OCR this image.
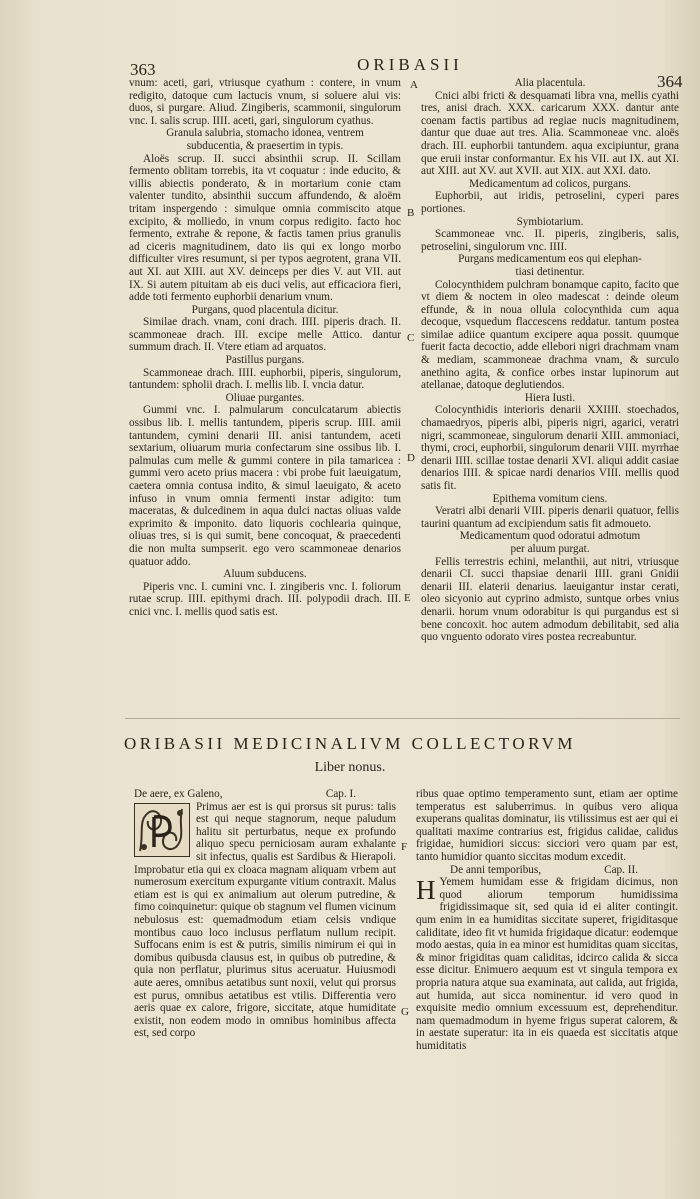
363	ORIBASII
364

vnum: aceti, gari, vtriusque cyathum : contere, in vnum redigito, datoque cum lactucis vnum, si soluere alui vis: duos, si purgare. Aliud. Zingiberis, scammonii, singulorum vnc. I. salis scrup. IIII. aceti, gari, singulorum cyathus.

Granula salubria, stomacho idonea, ventrem

subducentia, & praesertim in typis.

Aloës scrup. II. succi absinthii scrup. II. Scillam fermento oblitam torrebis, ita vt coquatur : inde educito, & villis abiectis ponderato, & in mortarium conie ctam valenter tundito, absinthii succum affundendo, & aloëm tritam inspergendo : simulque omnia commiscito atque excipito, & molliedo, in vnum corpus redigito. facto hoc fermento, extrahe & repone, & factis tamen prius granulis ad ciceris magnitudinem, dato iis qui ex longo morbo difficulter vires resumunt, si per typos aegrotent, grana VII. aut XI. aut XIII. aut XV. deinceps per dies V. aut VII. aut IX. Si autem pituitam ab eis duci velis, aut efficaciora fieri, adde toti fermento euphorbii denarium vnum.

Purgans, quod placentula dicitur.

Similae drach. vnam, coni drach. IIII. piperis drach. II. scammoneae drach. III. excipe melle Attico. dantur summum drach. II. Vtere etiam ad arquatos.

Pastillus purgans.

Scammoneae drach. IIII. euphorbii, piperis, singulorum, tantundem: spholii drach. I. mellis lib. I. vncia datur.

Oliuae purgantes.

Gummi vnc. I. palmularum conculcatarum abiectis ossibus lib. I. mellis tantundem, piperis scrup. IIII. amii tantundem, cymini denarii III. anisi tantundem, aceti sextarium, oliuarum muria confectarum sine ossibus lib. I. palmulas cum melle & gummi contere in pila tamaricea : gummi vero aceto prius macera : vbi probe fuit laeuigatum, caetera omnia contusa indito, & simul laeuigato, & aceto infuso in vnum omnia fermenti instar adigito: tum maceratas, & dulcedinem in aqua dulci nactas oliuas valde exprimito & imponito. dato liquoris cochlearia quinque, oliuas tres, si is qui sumit, bene concoquat, & praecedenti die non multa sumpserit. ego vero scammoneae denarios quatuor addo.

Aluum subducens.

Piperis vnc. I. cumini vnc. I. zingiberis vnc. I. foliorum rutae scrup. IIII. epithymi drach. III. polypodii drach. III. cnici vnc. I. mellis quod satis est.

A
B
C
D
E
F
G

Alia placentula.

Cnici albi fricti & desquamati libra vna, mellis cyathi tres, anisi drach. XXX. caricarum XXX. dantur ante coenam factis partibus ad regiae nucis magnitudinem, dantur que duae aut tres. Alia. Scammoneae vnc. aloës drach. III. euphorbii tantundem. aqua excipiuntur, grana que eruii instar conformantur. Ex his VII. aut IX. aut XI. aut XIII. aut XV. aut XVII. aut XIX. aut XXI. dato.

Medicamentum ad colicos, purgans.

Euphorbii, aut iridis, petroselini, cyperi pares portiones.

Symbiotarium.

Scammoneae vnc. II. piperis, zingiberis, salis, petroselini, singulorum vnc. IIII.

Purgans medicamentum eos qui elephan-

tiasi detinentur.

Colocynthidem pulchram bonamque capito, facito que vt diem & noctem in oleo madescat : deinde oleum effunde, & in noua ollula colocynthida cum aqua decoque, vsquedum flaccescens reddatur. tantum postea similae adiice quantum excipere aqua possit. quumque fuerit facta decoctio, adde ellebori nigri drachmam vnam & mediam, scammoneae drachma vnam, & surculo anethino agita, & confice orbes instar lupinorum aut atellanae, datoque deglutiendos.

Hiera Iusti.

Colocynthidis interioris denarii XXIIII. stoechados, chamaedryos, piperis albi, piperis nigri, agarici, veratri nigri, scammoneae, singulorum denarii XIII. ammoniaci, thymi, croci, euphorbii, singulorum denarii VIII. myrrhae denarii IIII. scillae tostae denarii XVI. aliqui addit casiae denarios IIII. & spicae nardi denarios VIII. mellis quod satis fit.

Epithema vomitum ciens.

Veratri albi denarii VIII. piperis denarii quatuor, fellis taurini quantum ad excipiendum satis fit admoueto.

Medicamentum quod odoratui admotum

per aluum purgat.

Fellis terrestris echini, melanthii, aut nitri, vtriusque denarii CI. succi thapsiae denarii IIII. grani Gnidii denarii III. elaterii denarius. laeuigantur instar cerati, oleo sicyonio aut cyprino admisto, suntque orbes vnius denarii. horum vnum odorabitur is qui purgandus est si bene concoxit. hoc autem admodum debilitabit, sed alia quo vnguento odorato vires postea recreabuntur.

ORIBASII MEDICINALIVM COLLECTORVM
Liber nonus.
De aere, ex Galeno,	Cap. I.

Primus aer est is qui prorsus sit purus: talis est qui neque stagnorum, neque paludum halitu sit perturbatus, neque ex profundo aliquo specu perniciosam auram exhalante sit infectus, qualis est Sardibus & Hierapoli. Improbatur etia qui ex cloaca magnam aliquam vrbem aut numerosum exercitum expurgante vitium contraxit. Malus etiam est is qui ex animalium aut olerum putredine, & fimo coinquinetur: quique ob stagnum vel flumen vicinum nebulosus est: quemadmodum etiam celsis vndique montibus cauo loco inclusus perflatum nullum recipit. Suffocans enim is est & putris, similis nimirum ei qui in domibus quibusda clausus est, in quibus ob putredine, & quia non perflatur, plurimus situs aceruatur. Huiusmodi aute aeres, omnibus aetatibus sunt noxii, velut qui prorsus est purus, omnibus aetatibus est vtilis. Differentia vero aeris quae ex calore, frigore, siccitate, atque humiditate existit, non eodem modo in omnibus hominibus affecta est, sed corpo

ribus quae optimo temperamento sunt, etiam aer optime temperatus est saluberrimus. in quibus vero aliqua exuperans qualitas dominatur, iis vtilissimus est aer qui ei qualitati maxime contrarius est, frigidus calidae, calidus frigidae, humidiori siccus: sicciori vero quam par est, tanto humidior quanto siccitas modum excedit.

De anni temporibus,	Cap. II.
H Yemem humidam esse & frigidam dicimus, non quod aliorum temporum humidissima frigidissimaque sit, sed quia id ei aliter contingit. qum enim in ea humiditas siccitate superet, frigiditasque caliditate, ideo fit vt humida frigidaque dicatur: eodemque modo aestas, quia in ea minor est humiditas quam siccitas, & minor frigiditas quam caliditas, idcirco calida & sicca esse dicitur. Enimuero aequum est vt singula tempora ex propria natura atque sua examinata, aut calida, aut frigida, aut humida, aut sicca nominentur. id vero quod in exquisite medio omnium excessuum est, deprehenditur. nam quemadmodum in hyeme frigus superat calorem, & in aestate superatur: ita in eis quaeda est siccitatis atque humiditatis
